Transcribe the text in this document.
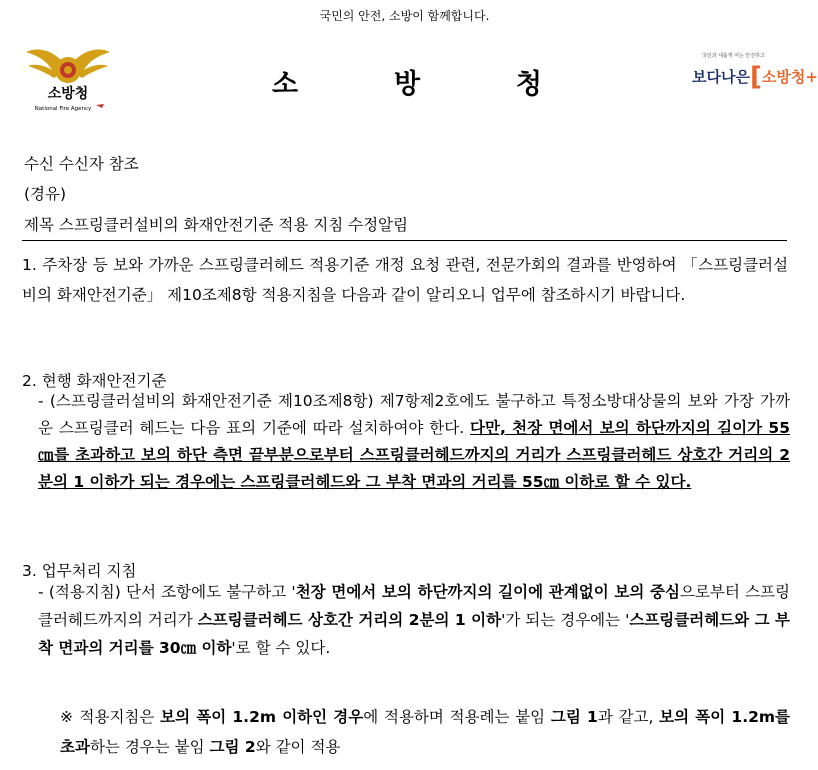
국민의 안전, 소방이 함께합니다.
소방청
National Fire Agency
소	방	청
국민과 새롭게 여는 안전하고
보다나은[소방청+
수신 수신자 참조
(경유)
제목 스프링클러설비의 화재안전기준 적용 지침 수정알림
1. 주차장 등 보와 가까운 스프링클러헤드 적용기준 개정 요청 관련, 전문가회의 결과를 반영하여 「스프링클러설비의 화재안전기준」 제10조제8항 적용지침을 다음과 같이 알리오니 업무에 참조하시기 바랍니다.
2. 현행 화재안전기준
- (스프링클러설비의 화재안전기준 제10조제8항) 제7항제2호에도 불구하고 특정소방대상물의 보와 가장 가까운 스프링클러 헤드는 다음 표의 기준에 따라 설치하여야 한다. 다만, 천장 면에서 보의 하단까지의 길이가 55㎝를 초과하고 보의 하단 측면 끝부분으로부터 스프링클러헤드까지의 거리가 스프링클러헤드 상호간 거리의 2분의 1 이하가 되는 경우에는 스프링클러헤드와 그 부착 면과의 거리를 55㎝ 이하로 할 수 있다.
3. 업무처리 지침
- (적용지침) 단서 조항에도 불구하고 '천장 면에서 보의 하단까지의 길이에 관계없이 보의 중심으로부터 스프링클러헤드까지의 거리가 스프링클러헤드 상호간 거리의 2분의 1 이하'가 되는 경우에는 '스프링클러헤드와 그 부착 면과의 거리를 30㎝ 이하'로 할 수 있다.
※ 적용지침은 보의 폭이 1.2m 이하인 경우에 적용하며 적용례는 붙임 그림 1과 같고, 보의 폭이 1.2m를 초과하는 경우는 붙임 그림 2와 같이 적용
